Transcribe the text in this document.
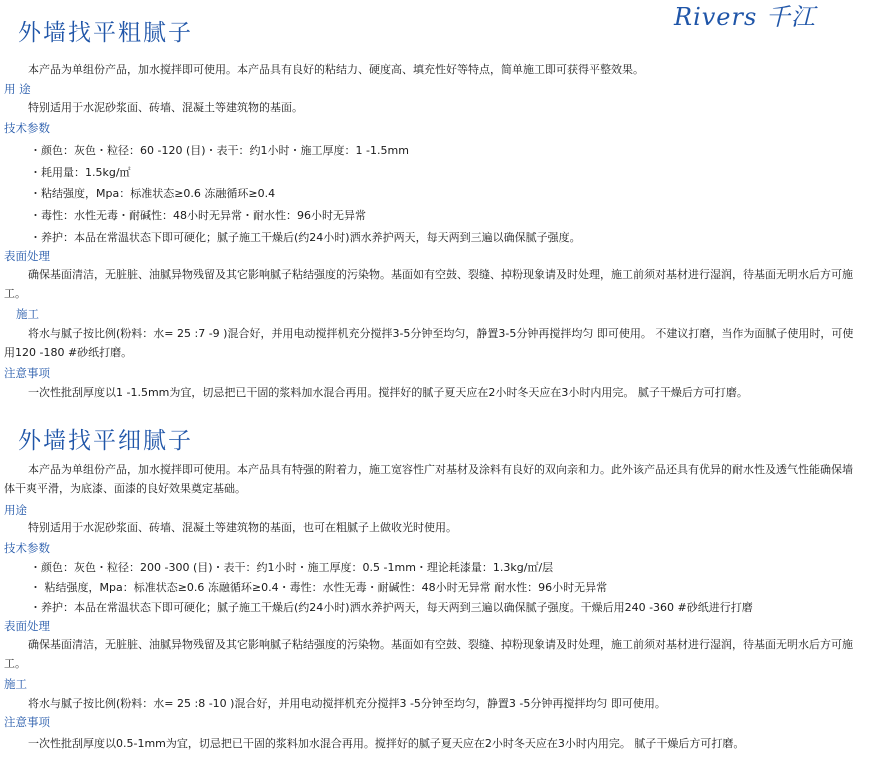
Rivers 千江
外墙找平粗腻子

本产品为单组份产品，加水搅拌即可使用。本产品具有良好的粘结力、硬度高、填充性好等特点，简单施工即可获得平整效果。

用 途

特别适用于水泥砂浆面、砖墙、混凝土等建筑物的基面。

技术参数
・颜色：灰色・粒径：60 -120 (目)・表干：约1小时・施工厚度：1 -1.5mm
・耗用量：1.5kg/㎡
・粘结强度，Mpa：标准状态≥0.6 冻融循环≥0.4
・毒性：水性无毒・耐碱性：48小时无异常・耐水性：96小时无异常
・养护：本品在常温状态下即可硬化；腻子施工干燥后(约24小时)洒水养护两天，每天两到三遍以确保腻子强度。
表面处理

确保基面清洁，无脏脏、油腻异物残留及其它影响腻子粘结强度的污染物。基面如有空鼓、裂缝、掉粉现象请及时处理，施工前须对基材进行湿润，待基面无明水后方可施工。

施工

将水与腻子按比例(粉料：水= 25 :7 -9 )混合好，并用电动搅拌机充分搅拌3-5分钟至均匀，静置3-5分钟再搅拌均匀 即可使用。 不建议打磨，当作为面腻子使用时，可使用120 -180 #砂纸打磨。

注意事项

一次性批刮厚度以1 -1.5mm为宜，切忌把已干固的浆料加水混合再用。搅拌好的腻子夏天应在2小时冬天应在3小时内用完。 腻子干燥后方可打磨。

外墙找平细腻子

本产品为单组份产品，加水搅拌即可使用。本产品具有特强的附着力，施工宽容性广对基材及涂料有良好的双向亲和力。此外该产品还具有优异的耐水性及透气性能确保墙体干爽平滑，为底漆、面漆的良好效果奠定基础。

用途

特别适用于水泥砂浆面、砖墙、混凝土等建筑物的基面，也可在粗腻子上做收光时使用。

技术参数
・颜色：灰色・粒径：200 -300 (目)・表干：约1小时・施工厚度：0.5 -1mm・理论耗漆量：1.3kg/㎡/层
・ 粘结强度，Mpa：标准状态≥0.6 冻融循环≥0.4・毒性：水性无毒・耐碱性：48小时无异常 耐水性：96小时无异常
・养护：本品在常温状态下即可硬化；腻子施工干燥后(约24小时)洒水养护两天，每天两到三遍以确保腻子强度。干燥后用240 -360 #砂纸进行打磨
表面处理

确保基面清洁，无脏脏、油腻异物残留及其它影响腻子粘结强度的污染物。基面如有空鼓、裂缝、掉粉现象请及时处理，施工前须对基材进行湿润，待基面无明水后方可施工。

施工

将水与腻子按比例(粉料：水= 25 :8 -10 )混合好，并用电动搅拌机充分搅拌3 -5分钟至均匀，静置3 -5分钟再搅拌均匀 即可使用。

注意事项

一次性批刮厚度以0.5-1mm为宜，切忌把已干固的浆料加水混合再用。搅拌好的腻子夏天应在2小时冬天应在3小时内用完。 腻子干燥后方可打磨。
